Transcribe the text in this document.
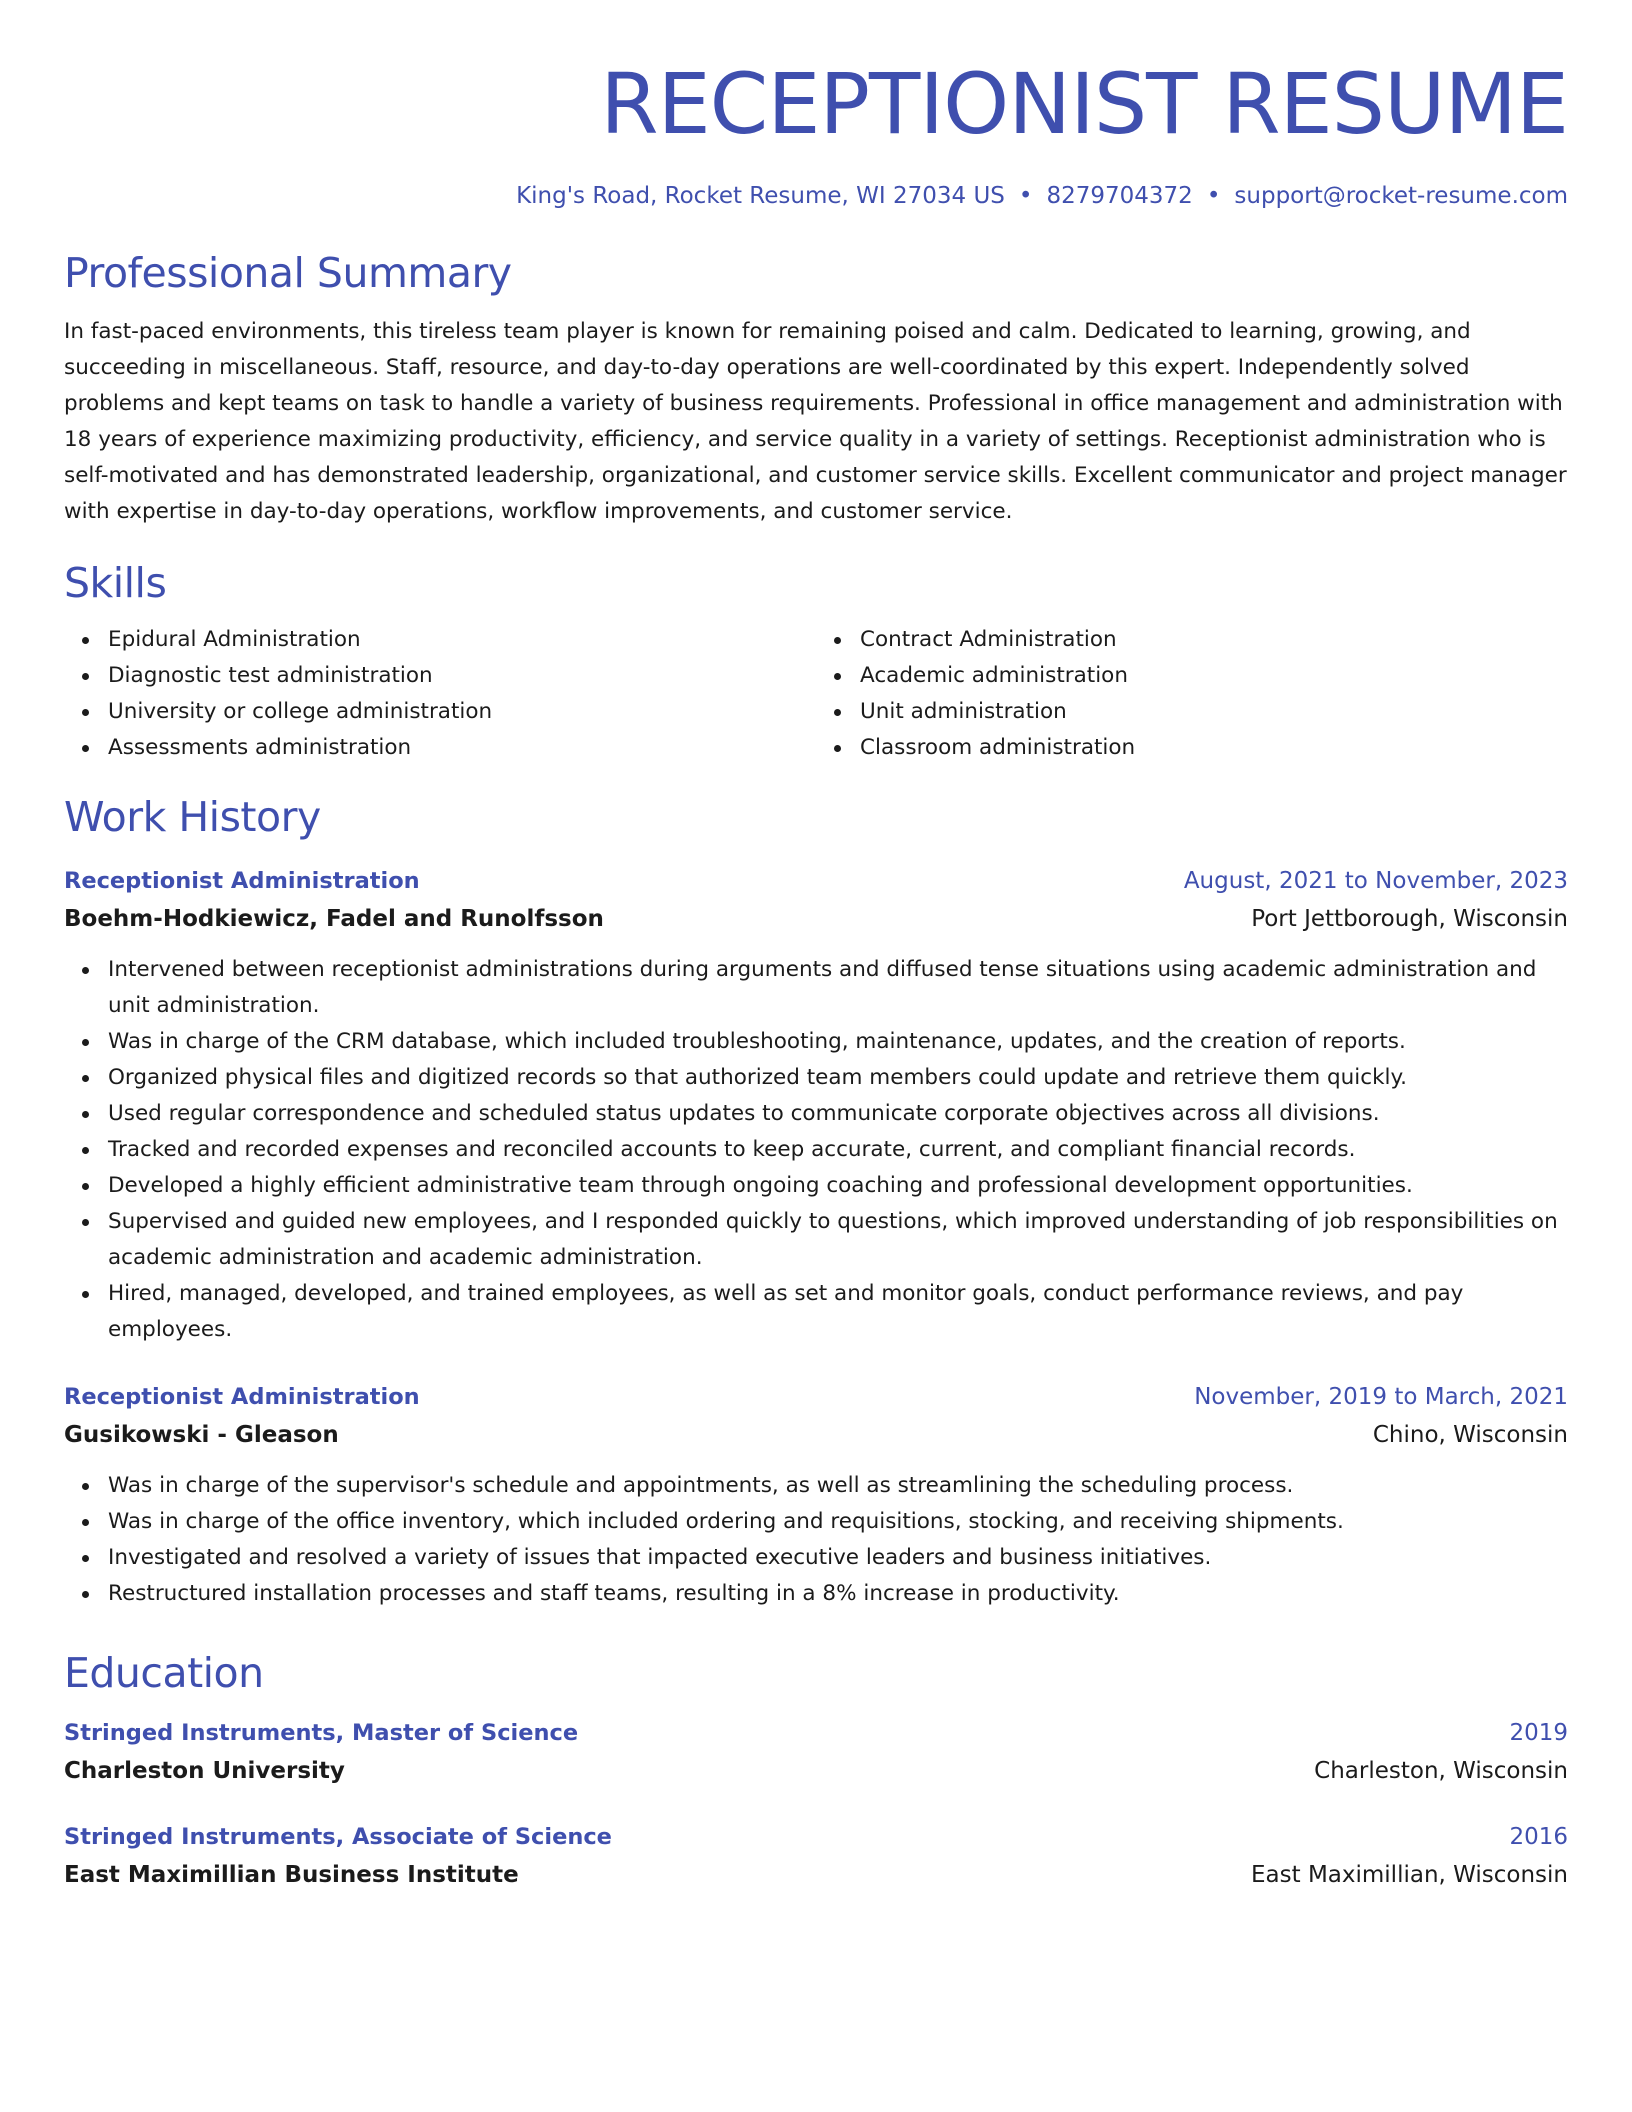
RECEPTIONIST RESUME
King's Road, Rocket Resume, WI 27034 US • 8279704372 • support@rocket-resume.com
Professional Summary

In fast-paced environments, this tireless team player is known for remaining poised and calm. Dedicated to learning, growing, and succeeding in miscellaneous. Staff, resource, and day-to-day operations are well-coordinated by this expert. Independently solved problems and kept teams on task to handle a variety of business requirements. Professional in office management and administration with 18 years of experience maximizing productivity, efficiency, and service quality in a variety of settings. Receptionist administration who is self-motivated and has demonstrated leadership, organizational, and customer service skills. Excellent communicator and project manager with expertise in day-to-day operations, workflow improvements, and customer service.

Skills
Epidural Administration
Diagnostic test administration
University or college administration
Assessments administration
Contract Administration
Academic administration
Unit administration
Classroom administration
Work History
Receptionist Administration	August, 2021 to November, 2023
Boehm-Hodkiewicz, Fadel and Runolfsson	Port Jettborough, Wisconsin
Intervened between receptionist administrations during arguments and diffused tense situations using academic administration and unit administration.
Was in charge of the CRM database, which included troubleshooting, maintenance, updates, and the creation of reports.
Organized physical files and digitized records so that authorized team members could update and retrieve them quickly.
Used regular correspondence and scheduled status updates to communicate corporate objectives across all divisions.
Tracked and recorded expenses and reconciled accounts to keep accurate, current, and compliant financial records.
Developed a highly efficient administrative team through ongoing coaching and professional development opportunities.
Supervised and guided new employees, and I responded quickly to questions, which improved understanding of job responsibilities on academic administration and academic administration.
Hired, managed, developed, and trained employees, as well as set and monitor goals, conduct performance reviews, and pay employees.
Receptionist Administration	November, 2019 to March, 2021
Gusikowski - Gleason	Chino, Wisconsin
Was in charge of the supervisor's schedule and appointments, as well as streamlining the scheduling process.
Was in charge of the office inventory, which included ordering and requisitions, stocking, and receiving shipments.
Investigated and resolved a variety of issues that impacted executive leaders and business initiatives.
Restructured installation processes and staff teams, resulting in a 8% increase in productivity.
Education
Stringed Instruments, Master of Science	2019
Charleston University	Charleston, Wisconsin
Stringed Instruments, Associate of Science	2016
East Maximillian Business Institute	East Maximillian, Wisconsin
